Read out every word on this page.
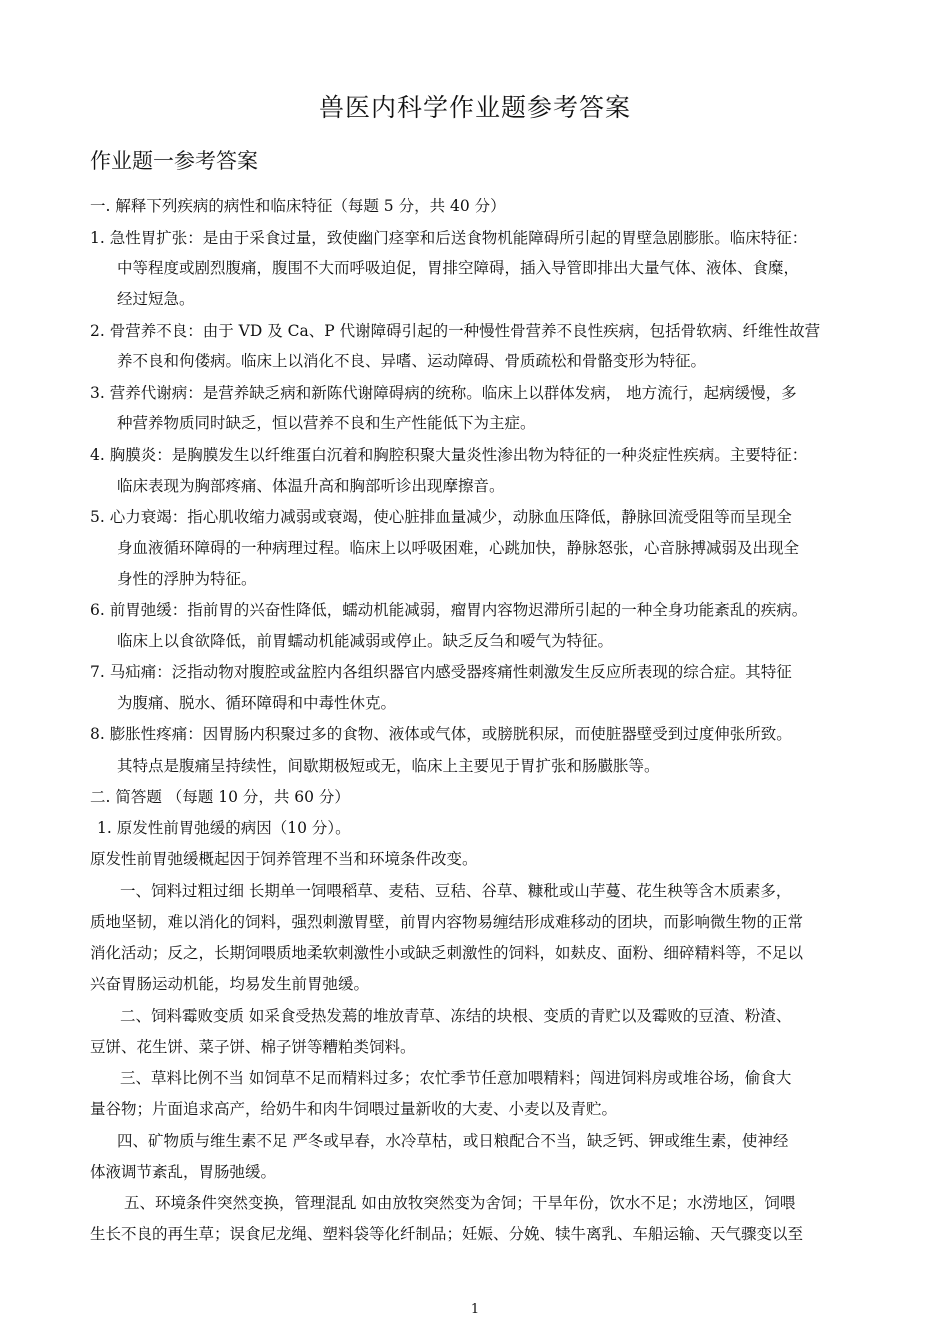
兽医内科学作业题参考答案
作业题一参考答案
一. 解释下列疾病的病性和临床特征（每题 5 分，共 40 分）
1. 急性胃扩张：是由于采食过量，致使幽门痉挛和后送食物机能障碍所引起的胃壁急剧膨胀。临床特征：
中等程度或剧烈腹痛，腹围不大而呼吸迫促，胃排空障碍，插入导管即排出大量气体、液体、食糜，
经过短急。
2. 骨营养不良：由于 VD 及 Ca、P 代谢障碍引起的一种慢性骨营养不良性疾病，包括骨软病、纤维性故营
养不良和佝偻病。临床上以消化不良、异嗜、运动障碍、骨质疏松和骨骼变形为特征。
3. 营养代谢病：是营养缺乏病和新陈代谢障碍病的统称。临床上以群体发病， 地方流行，起病缓慢，多
种营养物质同时缺乏，恒以营养不良和生产性能低下为主症。
4. 胸膜炎：是胸膜发生以纤维蛋白沉着和胸腔积聚大量炎性渗出物为特征的一种炎症性疾病。主要特征：
临床表现为胸部疼痛、体温升高和胸部听诊出现摩擦音。
5. 心力衰竭：指心肌收缩力减弱或衰竭，使心脏排血量减少，动脉血压降低，静脉回流受阻等而呈现全
身血液循环障碍的一种病理过程。临床上以呼吸困难，心跳加快，静脉怒张，心音脉搏减弱及出现全
身性的浮肿为特征。
6. 前胃弛缓：指前胃的兴奋性降低，蠕动机能减弱，瘤胃内容物迟滞所引起的一种全身功能紊乱的疾病。
临床上以食欲降低，前胃蠕动机能减弱或停止。缺乏反刍和嗳气为特征。
7. 马疝痛：泛指动物对腹腔或盆腔内各组织器官内感受器疼痛性刺激发生反应所表现的综合症。其特征
为腹痛、脱水、循环障碍和中毒性休克。
8. 膨胀性疼痛：因胃肠内积聚过多的食物、液体或气体，或膀胱积尿，而使脏器壁受到过度伸张所致。
其特点是腹痛呈持续性，间歇期极短或无，临床上主要见于胃扩张和肠臌胀等。
二. 简答题 （每题 10 分，共 60 分）
1. 原发性前胃弛缓的病因（10 分）。
原发性前胃弛缓概起因于饲养管理不当和环境条件改变。
一、饲料过粗过细 长期单一饲喂稻草、麦秸、豆秸、谷草、糠秕或山芋蔓、花生秧等含木质素多，
质地坚韧，难以消化的饲料，强烈刺激胃壁，前胃内容物易缠结形成难移动的团块，而影响微生物的正常
消化活动；反之，长期饲喂质地柔软刺激性小或缺乏刺激性的饲料，如麸皮、面粉、细碎精料等，不足以
兴奋胃肠运动机能，均易发生前胃弛缓。
二、饲料霉败变质 如采食受热发蔫的堆放青草、冻结的块根、变质的青贮以及霉败的豆渣、粉渣、
豆饼、花生饼、菜子饼、棉子饼等糟粕类饲料。
三、草料比例不当 如饲草不足而精料过多；农忙季节任意加喂精料；闯进饲料房或堆谷场，偷食大
量谷物；片面追求高产，给奶牛和肉牛饲喂过量新收的大麦、小麦以及青贮。
四、矿物质与维生素不足 严冬或早春，水冷草枯，或日粮配合不当，缺乏钙、钾或维生素，使神经
体液调节紊乱，胃肠弛缓。
五、环境条件突然变换，管理混乱 如由放牧突然变为舍饲；干旱年份，饮水不足；水涝地区，饲喂
生长不良的再生草；误食尼龙绳、塑料袋等化纤制品；妊娠、分娩、犊牛离乳、车船运输、天气骤变以至
1
